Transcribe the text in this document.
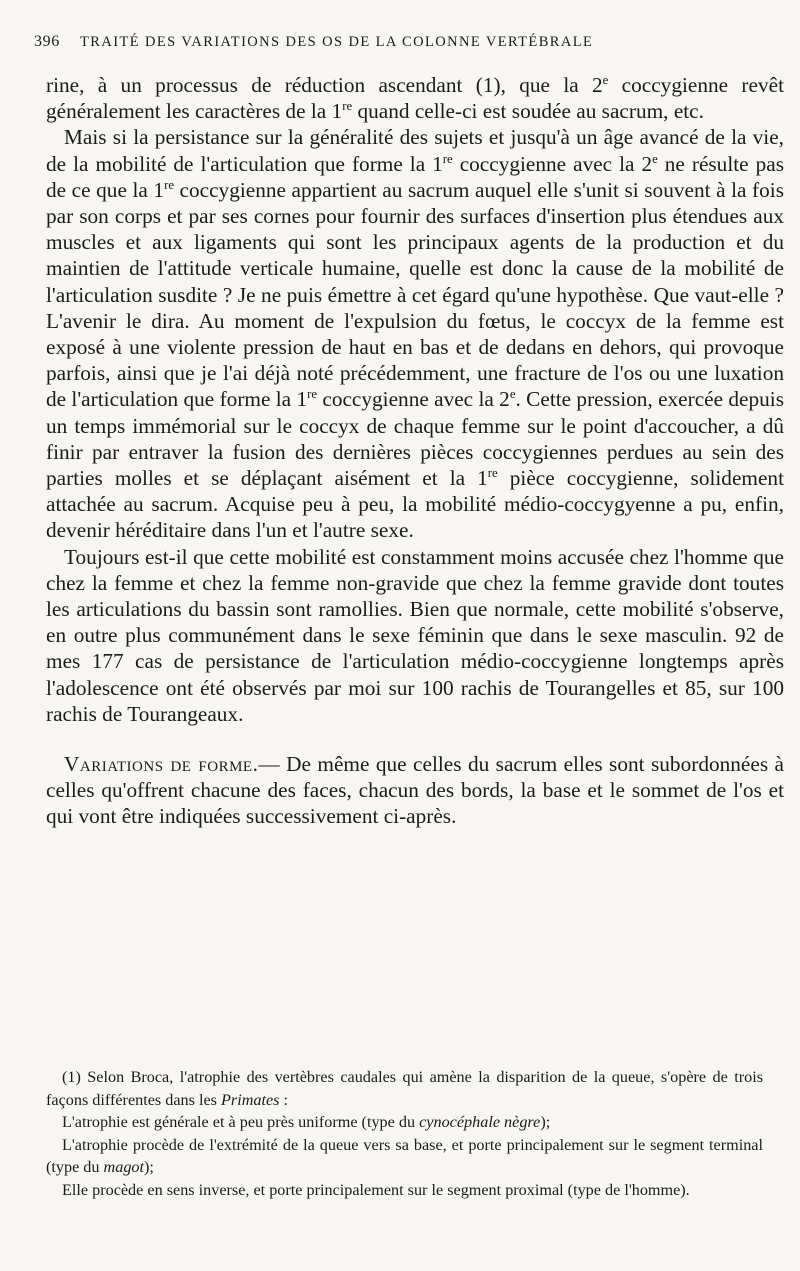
396 TRAITÉ DES VARIATIONS DES OS DE LA COLONNE VERTÉBRALE

rine, à un processus de réduction ascendant (1), que la 2e coccygienne revêt généralement les caractères de la 1re quand celle-ci est soudée au sacrum, etc.

Mais si la persistance sur la généralité des sujets et jusqu'à un âge avancé de la vie, de la mobilité de l'articulation que forme la 1re coccygienne avec la 2e ne résulte pas de ce que la 1re coccygienne appartient au sacrum auquel elle s'unit si souvent à la fois par son corps et par ses cornes pour fournir des surfaces d'insertion plus étendues aux muscles et aux ligaments qui sont les principaux agents de la production et du maintien de l'attitude verticale humaine, quelle est donc la cause de la mobilité de l'articulation susdite ? Je ne puis émettre à cet égard qu'une hypothèse. Que vaut-elle ? L'avenir le dira. Au moment de l'expulsion du fœtus, le coccyx de la femme est exposé à une violente pression de haut en bas et de dedans en dehors, qui provoque parfois, ainsi que je l'ai déjà noté précédemment, une fracture de l'os ou une luxation de l'articulation que forme la 1re coccygienne avec la 2e. Cette pression, exercée depuis un temps immémorial sur le coccyx de chaque femme sur le point d'accoucher, a dû finir par entraver la fusion des dernières pièces coccygiennes perdues au sein des parties molles et se déplaçant aisément et la 1re pièce coccygienne, solidement attachée au sacrum. Acquise peu à peu, la mobilité médio-coccygyenne a pu, enfin, devenir héréditaire dans l'un et l'autre sexe.

Toujours est-il que cette mobilité est constamment moins accusée chez l'homme que chez la femme et chez la femme non-gravide que chez la femme gravide dont toutes les articulations du bassin sont ramollies. Bien que normale, cette mobilité s'observe, en outre plus communément dans le sexe féminin que dans le sexe masculin. 92 de mes 177 cas de persistance de l'articulation médio-coccygienne longtemps après l'adolescence ont été observés par moi sur 100 rachis de Tourangelles et 85, sur 100 rachis de Tourangeaux.

Variations de forme.— De même que celles du sacrum elles sont subordonnées à celles qu'offrent chacune des faces, chacun des bords, la base et le sommet de l'os et qui vont être indiquées successivement ci-après.

(1) Selon Broca, l'atrophie des vertèbres caudales qui amène la disparition de la queue, s'opère de trois façons différentes dans les Primates :

L'atrophie est générale et à peu près uniforme (type du cynocéphale nègre);

L'atrophie procède de l'extrémité de la queue vers sa base, et porte principalement sur le segment terminal (type du magot);

Elle procède en sens inverse, et porte principalement sur le segment proximal (type de l'homme).
